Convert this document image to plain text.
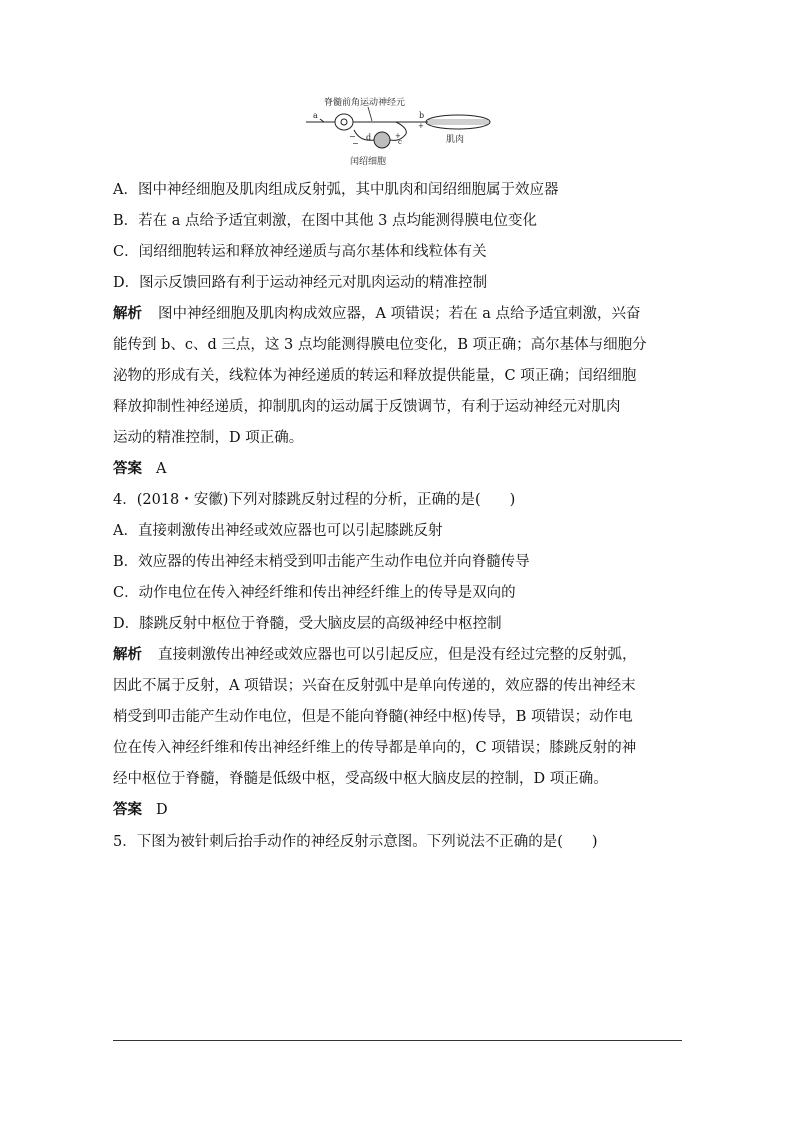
a	b
肌肉
脊髓前角运动神经元
闰绍细胞
c
d
−
−
+
+
A．图中神经细胞及肌肉组成反射弧，其中肌肉和闰绍细胞属于效应器
B．若在 a 点给予适宜刺激，在图中其他 3 点均能测得膜电位变化
C．闰绍细胞转运和释放神经递质与高尔基体和线粒体有关
D．图示反馈回路有利于运动神经元对肌肉运动的精准控制
解析 图中神经细胞及肌肉构成效应器，A 项错误；若在 a 点给予适宜刺激，兴奋
能传到 b、c、d 三点，这 3 点均能测得膜电位变化，B 项正确；高尔基体与细胞分
泌物的形成有关，线粒体为神经递质的转运和释放提供能量，C 项正确；闰绍细胞
释放抑制性神经递质，抑制肌肉的运动属于反馈调节，有利于运动神经元对肌肉
运动的精准控制，D 项正确。
答案 A
4．(2018・安徽)下列对膝跳反射过程的分析，正确的是(　　)
A．直接刺激传出神经或效应器也可以引起膝跳反射
B．效应器的传出神经末梢受到叩击能产生动作电位并向脊髓传导
C．动作电位在传入神经纤维和传出神经纤维上的传导是双向的
D．膝跳反射中枢位于脊髓，受大脑皮层的高级神经中枢控制
解析 直接刺激传出神经或效应器也可以引起反应，但是没有经过完整的反射弧，
因此不属于反射，A 项错误；兴奋在反射弧中是单向传递的，效应器的传出神经末
梢受到叩击能产生动作电位，但是不能向脊髓(神经中枢)传导，B 项错误；动作电
位在传入神经纤维和传出神经纤维上的传导都是单向的，C 项错误；膝跳反射的神
经中枢位于脊髓，脊髓是低级中枢，受高级中枢大脑皮层的控制，D 项正确。
答案 D
5．下图为被针刺后抬手动作的神经反射示意图。下列说法不正确的是(　　)
